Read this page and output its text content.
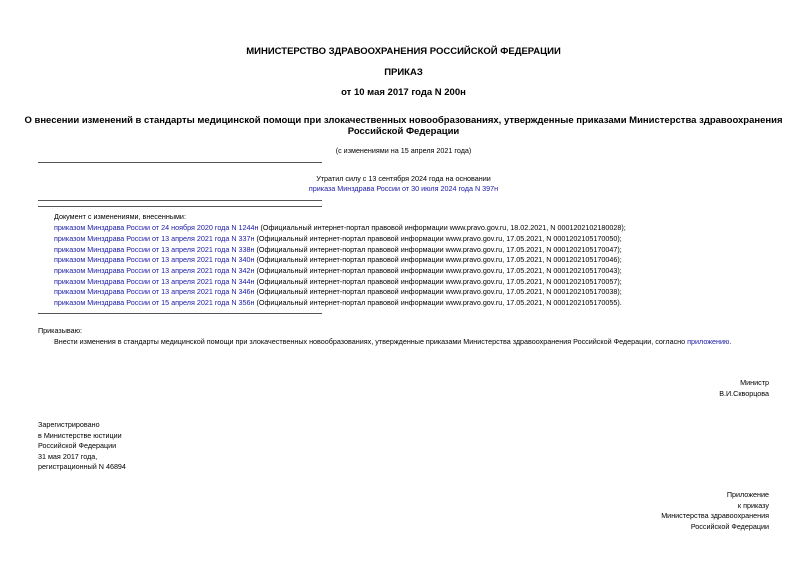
МИНИСТЕРСТВО ЗДРАВООХРАНЕНИЯ РОССИЙСКОЙ ФЕДЕРАЦИИ
ПРИКАЗ
от 10 мая 2017 года N 200н
О внесении изменений в стандарты медицинской помощи при злокачественных новообразованиях, утвержденные приказами Министерства здравоохранения
Российской Федерации
(с изменениями на 15 апреля 2021 года)
Утратил силу с 13 сентября 2024 года на основании
приказа Минздрава России от 30 июля 2024 года N 397н
Документ с изменениями, внесенными:
приказом Минздрава России от 24 ноября 2020 года N 1244н (Официальный интернет-портал правовой информации www.pravo.gov.ru, 18.02.2021, N 0001202102180028);
приказом Минздрава России от 13 апреля 2021 года N 337н (Официальный интернет-портал правовой информации www.pravo.gov.ru, 17.05.2021, N 0001202105170050);
приказом Минздрава России от 13 апреля 2021 года N 338н (Официальный интернет-портал правовой информации www.pravo.gov.ru, 17.05.2021, N 0001202105170047);
приказом Минздрава России от 13 апреля 2021 года N 340н (Официальный интернет-портал правовой информации www.pravo.gov.ru, 17.05.2021, N 0001202105170046);
приказом Минздрава России от 13 апреля 2021 года N 342н (Официальный интернет-портал правовой информации www.pravo.gov.ru, 17.05.2021, N 0001202105170043);
приказом Минздрава России от 13 апреля 2021 года N 344н (Официальный интернет-портал правовой информации www.pravo.gov.ru, 17.05.2021, N 0001202105170057);
приказом Минздрава России от 13 апреля 2021 года N 346н (Официальный интернет-портал правовой информации www.pravo.gov.ru, 17.05.2021, N 0001202105170038);
приказом Минздрава России от 15 апреля 2021 года N 356н (Официальный интернет-портал правовой информации www.pravo.gov.ru, 17.05.2021, N 0001202105170055).
Приказываю:
Внести изменения в стандарты медицинской помощи при злокачественных новообразованиях, утвержденные приказами Министерства здравоохранения Российской Федерации, согласно приложению.
Министр
В.И.Скворцова
Зарегистрировано
в Министерстве юстиции
Российской Федерации
31 мая 2017 года,
регистрационный N 46894
Приложение
к приказу
Министерства здравоохранения
Российской Федерации
